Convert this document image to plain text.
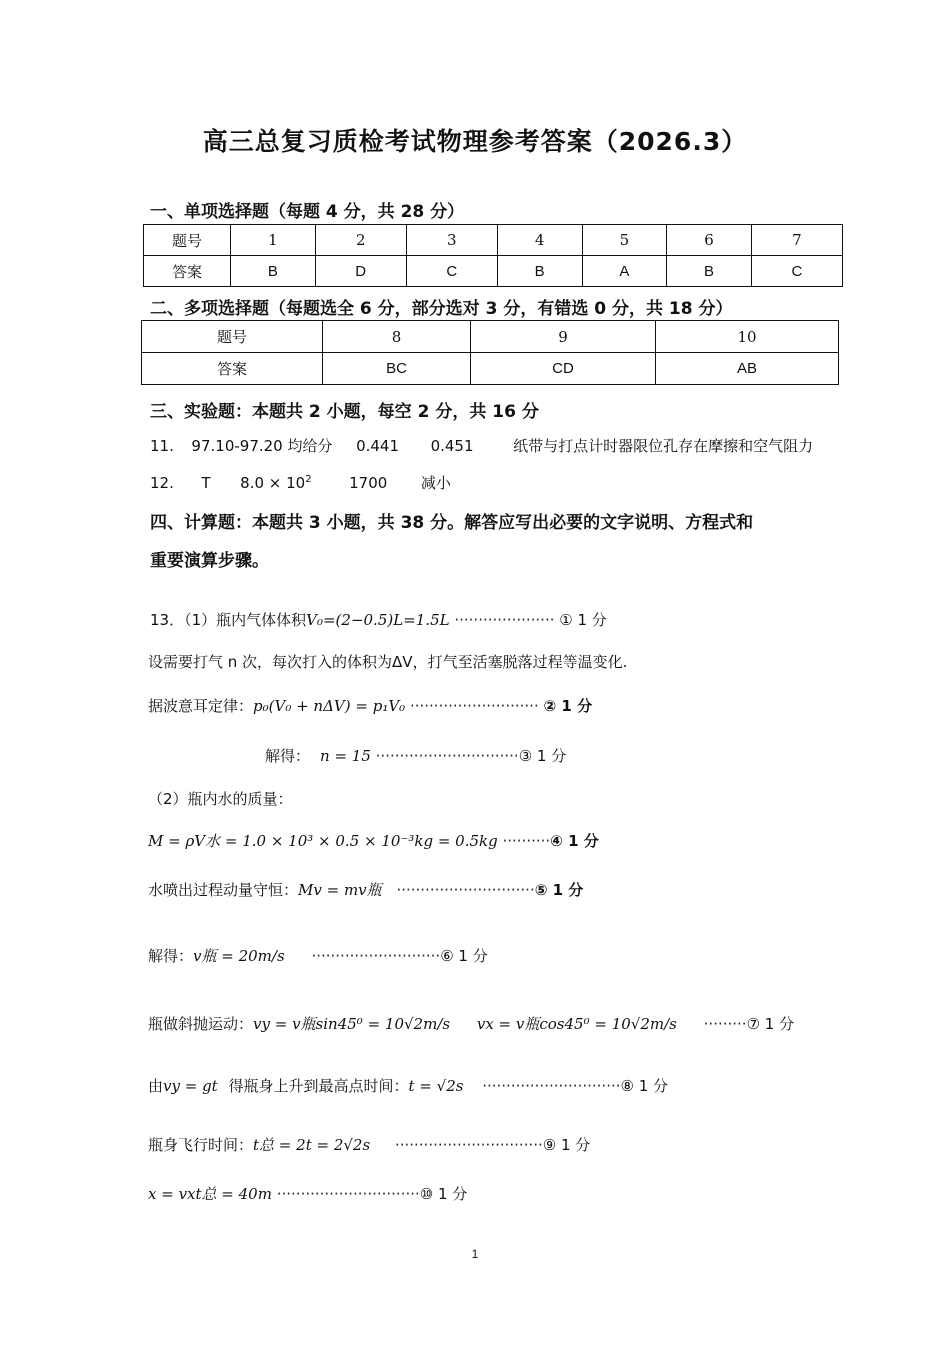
高三总复习质检考试物理参考答案（2026.3）
一、单项选择题（每题 4 分，共 28 分）
题号	1	2	3	4	5	6	7
答案	B	D	C	B	A	B	C
二、多项选择题（每题选全 6 分，部分选对 3 分，有错选 0 分，共 18 分）
题号	8	9	10
答案	BC	CD	AB
三、实验题：本题共 2 小题，每空 2 分，共 16 分
11. 97.10-97.20 均给分 0.441 0.451	纸带与打点计时器限位孔存在摩擦和空气阻力
12. T $8.0 \times 10^2$	1700 减小
四、计算题：本题共 3 小题，共 38 分。解答应写出必要的文字说明、方程式和
重要演算步骤。
13．（1）瓶内气体体积V₀=(2−0.5)L=1.5L ····················· ① 1 分
设需要打气 n 次，每次打入的体积为ΔV，打气至活塞脱落过程等温变化.
据波意耳定律：p₀(V₀ + nΔV) = p₁V₀ ··························· ② 1 分
解得： n = 15 ······························③ 1 分
（2）瓶内水的质量：
M = ρV水 = 1.0 × 10³ × 0.5 × 10⁻³kg = 0.5kg ··········④ 1 分
水喷出过程动量守恒：Mv = mv瓶 ·····························⑤ 1 分
解得：v瓶 = 20m/s ···························⑥ 1 分
瓶做斜抛运动：vy = v瓶sin45⁰ = 10√2m/s vx = v瓶cos45⁰ = 10√2m/s ·········⑦ 1 分
由vy = gt 得瓶身上升到最高点时间：t = √2s ·····························⑧ 1 分
瓶身飞行时间：t总 = 2t = 2√2s ·······························⑨ 1 分
x = vxt总 = 40m ······························⑩ 1 分
1
